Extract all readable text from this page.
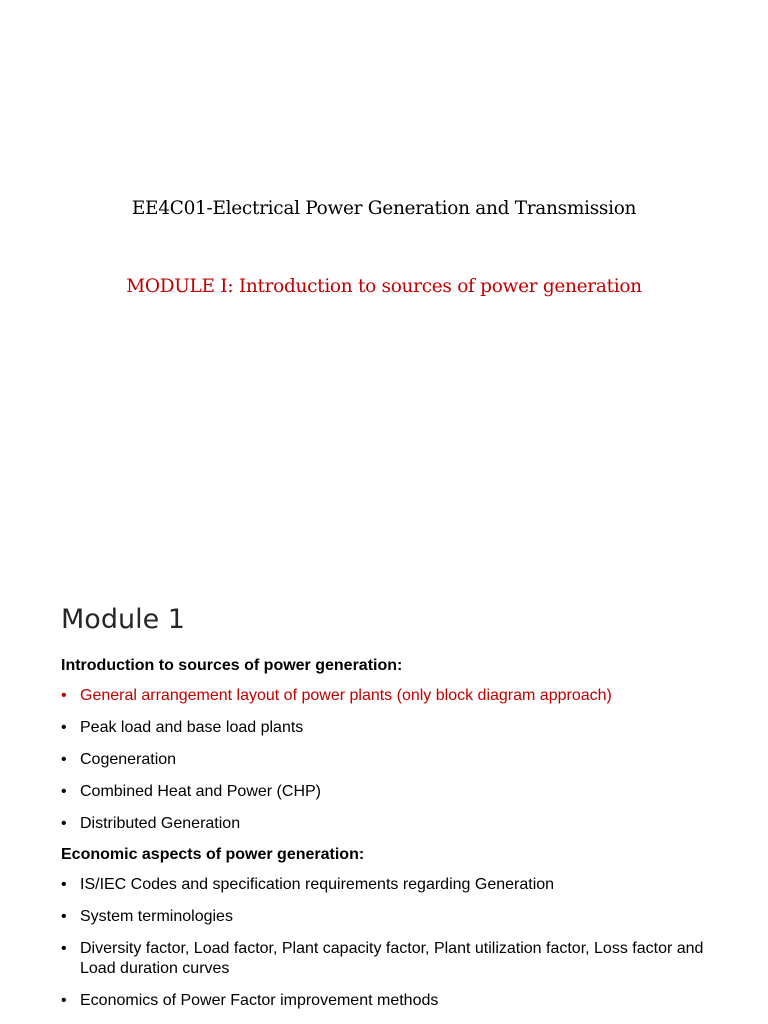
EE4C01-Electrical Power Generation and Transmission
MODULE I: Introduction to sources of power generation
Module 1
Introduction to sources of power generation:
• General arrangement layout of power plants (only block diagram approach)
• Peak load and base load plants
• Cogeneration
• Combined Heat and Power (CHP)
• Distributed Generation
Economic aspects of power generation:
• IS/IEC Codes and specification requirements regarding Generation
• System terminologies
• Diversity factor, Load factor, Plant capacity factor, Plant utilization factor, Loss factor and Load duration curves
• Economics of Power Factor improvement methods
